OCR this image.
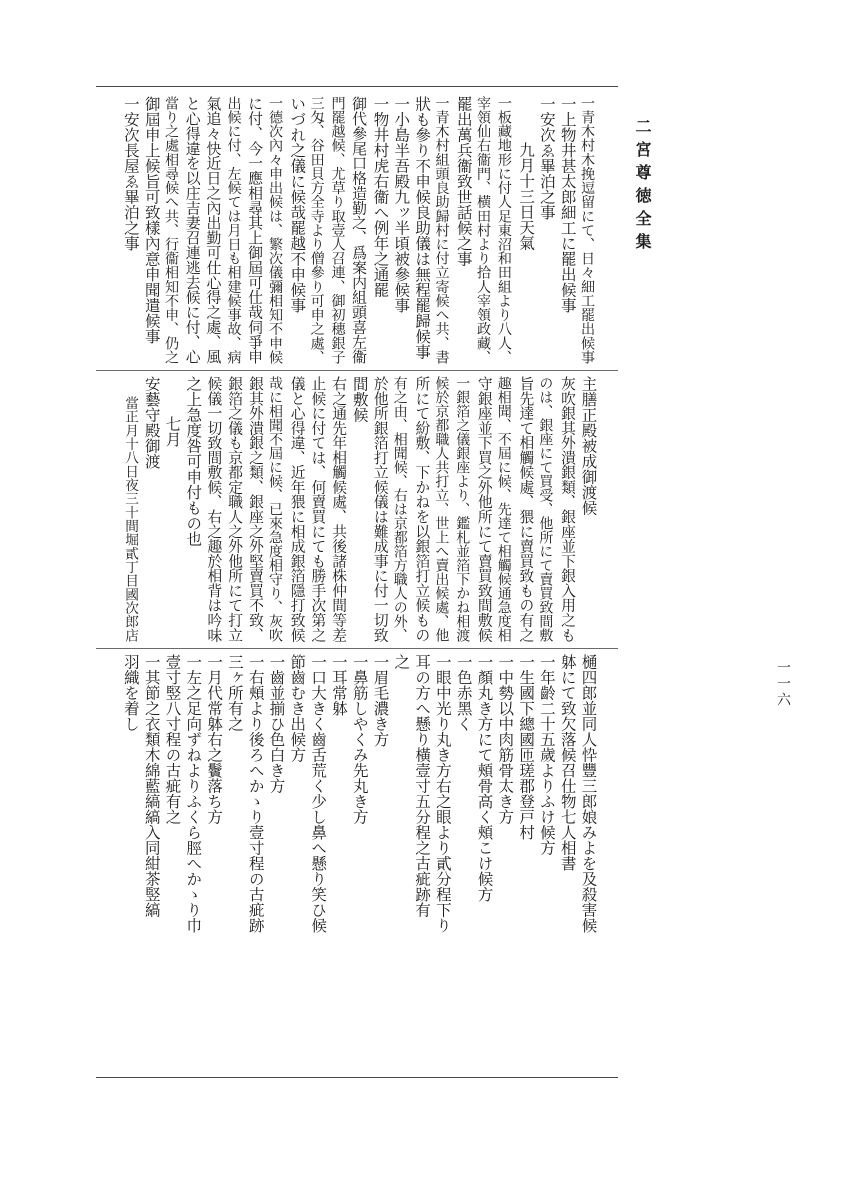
二宮尊徳全集
一一六
一青木村木挽逗留にて、日々細工罷出候事
一上物井甚太郎細工に罷出候事
一安次ゑ畢泊之事
九月十三日天氣
一板藏地形に付人足東沼和田組より八人、
宰領仙右衞門、横田村より拾人宰領政藏、
罷出萬兵衞致世話候之事
一青木村組頭良助歸村に付立寄候へ共、書
狀も參り不申候良助儀は無程罷歸候事
一小島半吾殿九ッ半頃被參候事
一物井村虎右衞へ例年之通罷
御代參尾口格造勤之、爲案内組頭喜左衞
門罷越候、尤草り取壹人召連、御初穗銀子
三匁、谷田貝方全寺より僧參り可申之處、
いづれ之儀に候哉罷越不申候事
一德次內々申出候は、繁次儀彌相知不申候
に付、今一應相尋其上御屆可仕哉伺爭申
出候に付、左候ては月日も相建候事故、病
氣追々快近日之內出勤可仕心得之處、風
と心得違を以庄吉妻召連逃去候に付、心
當り之處相尋候へ共、行衞相知不申、仍之
御屆申上候旨可致樣內意申聞遣候事
一安次長屋ゑ畢泊之事
主膳正殿被成御渡候
灰吹銀其外潰銀類、銀座並下銀入用之も
のは、銀座にて買受、他所にて賣買致間敷
旨先達て相觸候處、猥に賣買致もの有之
趣相聞、不屆に候、先達て相觸候通急度相
守銀座並下買之外他所にて賣買致間敷候
一銀箔之儀銀座より、鑑札並箔下かね相渡
候於京都職人共打立、世上へ賣出候處、他
所にて紛敷、下かねを以銀箔打立候もの
有之由、相聞候、右は京都箔方職人の外、
於他所銀箔打立候儀は難成事に付一切致
間敷候
右之通先年相觸候處、共後諸株仲間等差
止候に付ては、何賣買にても勝手次第之
儀と心得違、近年猥に相成銀箔隱打致候
哉に相聞不屆に候、已來急度相守り、灰吹
銀其外潰銀之類、銀座之外堅賣買不致、
銀箔之儀も京都定職人之外他所にて打立
候儀一切致間敷候、右之趣於相背は吟味
之上急度咎可申付もの也
七月
安藝守殿御渡
當正月十八日夜三十間堀貳丁目國次郎店
樋四郎並同人忰豐三郎娘みよを及殺害候
躰にて致欠落候召仕物七人相書
一年齡二十五歲よりふけ候方
一生國下總國匝瑳郡登戸村
一中勢以中肉筋骨太き方
一顏丸き方にて頰骨高く頰こけ候方
一色赤黑く
一眼中光り丸き方右之眼より貳分程下り
耳の方へ懸り橫壹寸五分程之古疵跡有
之
一眉毛濃き方
一鼻筋しやくみ先丸き方
一耳常躰
一口大きく齒舌荒く少し鼻へ懸り笑ひ候
節齒むき出候方
一齒並揃ひ色白き方
一右頰より後ろへかゝり壹寸程の古疵跡
三ヶ所有之
一月代常躰右之鬢落ち方
一左之足向ずねよりふくら脛へかゝり巾
壹寸竪八寸程の古疵有之
一其節之衣類木綿藍縞縞入同紺茶竪縞
羽織を着し
